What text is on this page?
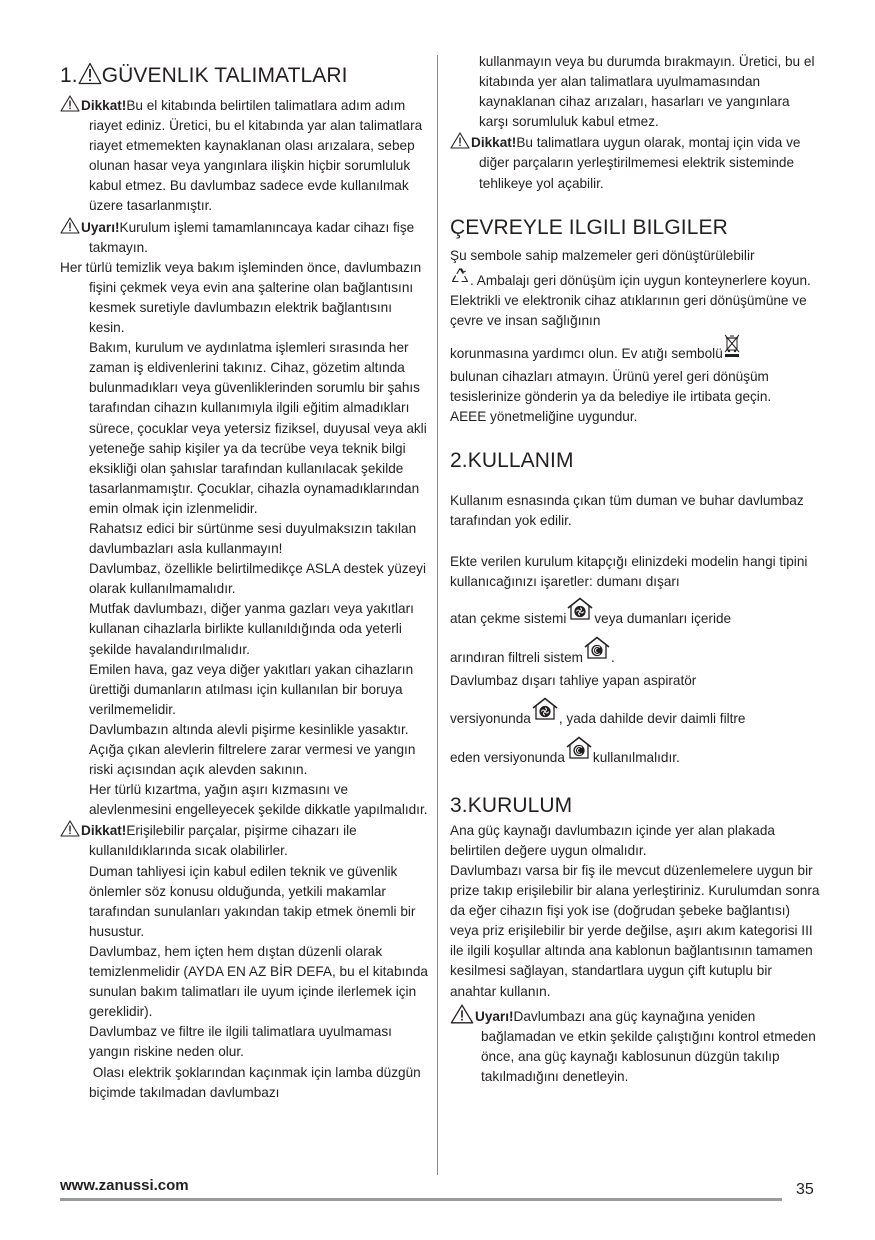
1. GÜVENLIK TALIMATLARI

Dikkat!Bu el kitabında belirtilen talimatlara adım adım riayet ediniz. Üretici, bu el kitabında yar alan talimatlara riayet etmemekten kaynaklanan olası arızalara, sebep olunan hasar veya yangınlara ilişkin hiçbir sorumluluk kabul etmez. Bu davlumbaz sadece evde kullanılmak üzere tasarlanmıştır.

Uyarı!Kurulum işlemi tamamlanıncaya kadar cihazı fişe takmayın.

Her türlü temizlik veya bakım işleminden önce, davlumbazın fişini çekmek veya evin ana şalterine olan bağlantısını kesmek suretiyle davlumbazın elektrik bağlantısını kesin.

Bakım, kurulum ve aydınlatma işlemleri sırasında her zaman iş eldivenlerini takınız. Cihaz, gözetim altında bulunmadıkları veya güvenliklerinden sorumlu bir şahıs tarafından cihazın kullanımıyla ilgili eğitim almadıkları sürece, çocuklar veya yetersiz fiziksel, duyusal veya akli yeteneğe sahip kişiler ya da tecrübe veya teknik bilgi eksikliği olan şahıslar tarafından kullanılacak şekilde tasarlanmamıştır. Çocuklar, cihazla oynamadıklarından emin olmak için izlenmelidir.

Rahatsız edici bir sürtünme sesi duyulmaksızın takılan davlumbazları asla kullanmayın!

Davlumbaz, özellikle belirtilmedikçe ASLA destek yüzeyi olarak kullanılmamalıdır.

Mutfak davlumbazı, diğer yanma gazları veya yakıtları kullanan cihazlarla birlikte kullanıldığında oda yeterli şekilde havalandırılmalıdır.

Emilen hava, gaz veya diğer yakıtları yakan cihazların ürettiği dumanların atılması için kullanılan bir boruya verilmemelidir.

Davlumbazın altında alevli pişirme kesinlikle yasaktır.

Açığa çıkan alevlerin filtrelere zarar vermesi ve yangın riski açısından açık alevden sakının.

Her türlü kızartma, yağın aşırı kızmasını ve alevlenmesini engelleyecek şekilde dikkatle yapılmalıdır.

Dikkat!Erişilebilir parçalar, pişirme cihazarı ile kullanıldıklarında sıcak olabilirler.

Duman tahliyesi için kabul edilen teknik ve güvenlik önlemler söz konusu olduğunda, yetkili makamlar tarafından sunulanları yakından takip etmek önemli bir husustur.

Davlumbaz, hem içten hem dıştan düzenli olarak temizlenmelidir (AYDA EN AZ BİR DEFA, bu el kitabında sunulan bakım talimatları ile uyum içinde ilerlemek için gereklidir).

Davlumbaz ve filtre ile ilgili talimatlara uyulmaması yangın riskine neden olur.

Olası elektrik şoklarından kaçınmak için lamba düzgün biçimde takılmadan davlumbazı

kullanmayın veya bu durumda bırakmayın. Üretici, bu el kitabında yer alan talimatlara uyulmamasından kaynaklanan cihaz arızaları, hasarları ve yangınlara karşı sorumluluk kabul etmez.

Dikkat!Bu talimatlara uygun olarak, montaj için vida ve diğer parçaların yerleştirilmemesi elektrik sisteminde tehlikeye yol açabilir.

ÇEVREYLE ILGILI BILGILER

Şu sembole sahip malzemeler geri dönüştürülebilir

. Ambalajı geri dönüşüm için uygun konteynerlere koyun.

Elektrikli ve elektronik cihaz atıklarının geri dönüşümüne ve çevre ve insan sağlığının

korunmasına yardımcı olun. Ev atığı sembolü

bulunan cihazları atmayın. Ürünü yerel geri dönüşüm tesislerinize gönderin ya da belediye ile irtibata geçin.

AEEE yönetmeliğine uygundur.

2.KULLANIM

Kullanım esnasında çıkan tüm duman ve buhar davlumbaz tarafından yok edilir.

Ekte verilen kurulum kitapçığı elinizdeki modelin hangi tipini kullanıcağınızı işaretler: dumanı dışarı

atan çekme sistemi veya dumanları içeride

arındıran filtreli sistem .

Davlumbaz dışarı tahliye yapan aspiratör

versiyonunda , yada dahilde devir daimli filtre

eden versiyonunda kullanılmalıdır.

3.KURULUM

Ana güç kaynağı davlumbazın içinde yer alan plakada belirtilen değere uygun olmalıdır.

Davlumbazı varsa bir fiş ile mevcut düzenlemelere uygun bir prize takıp erişilebilir bir alana yerleştiriniz. Kurulumdan sonra da eğer cihazın fişi yok ise (doğrudan şebeke bağlantısı) veya priz erişilebilir bir yerde değilse, aşırı akım kategorisi III ile ilgili koşullar altında ana kablonun bağlantısının tamamen kesilmesi sağlayan, standartlara uygun çift kutuplu bir anahtar kullanın.

Uyarı!Davlumbazı ana güç kaynağına yeniden bağlamadan ve etkin şekilde çalıştığını kontrol etmeden önce, ana güç kaynağı kablosunun düzgün takılıp takılmadığını denetleyin.

www.zanussi.com	35
